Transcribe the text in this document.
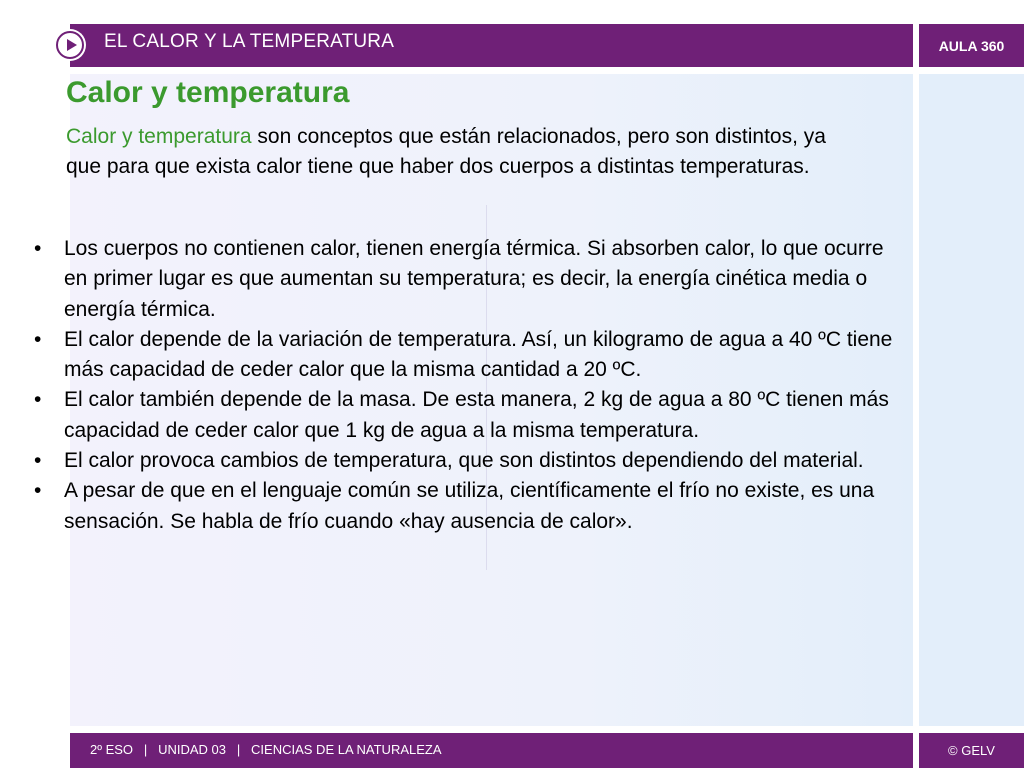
EL CALOR Y LA TEMPERATURA	AULA 360
Calor y temperatura

Calor y temperatura son conceptos que están relacionados, pero son distintos, ya que para que exista calor tiene que haber dos cuerpos a distintas temperaturas.

• Los cuerpos no contienen calor, tienen energía térmica. Si absorben calor, lo que ocurre en primer lugar es que aumentan su temperatura; es decir, la energía cinética media o energía térmica.
• El calor depende de la variación de temperatura. Así, un kilogramo de agua a 40 ºC tiene más capacidad de ceder calor que la misma cantidad a 20 ºC.
• El calor también depende de la masa. De esta manera, 2 kg de agua a 80 ºC tienen más capacidad de ceder calor que 1 kg de agua a la misma temperatura.
• El calor provoca cambios de temperatura, que son distintos dependiendo del material.
• A pesar de que en el lenguaje común se utiliza, científicamente el frío no existe, es una sensación. Se habla de frío cuando «hay ausencia de calor».
2º ESO   |   UNIDAD 03   |   CIENCIAS DE LA NATURALEZA	© GELV
